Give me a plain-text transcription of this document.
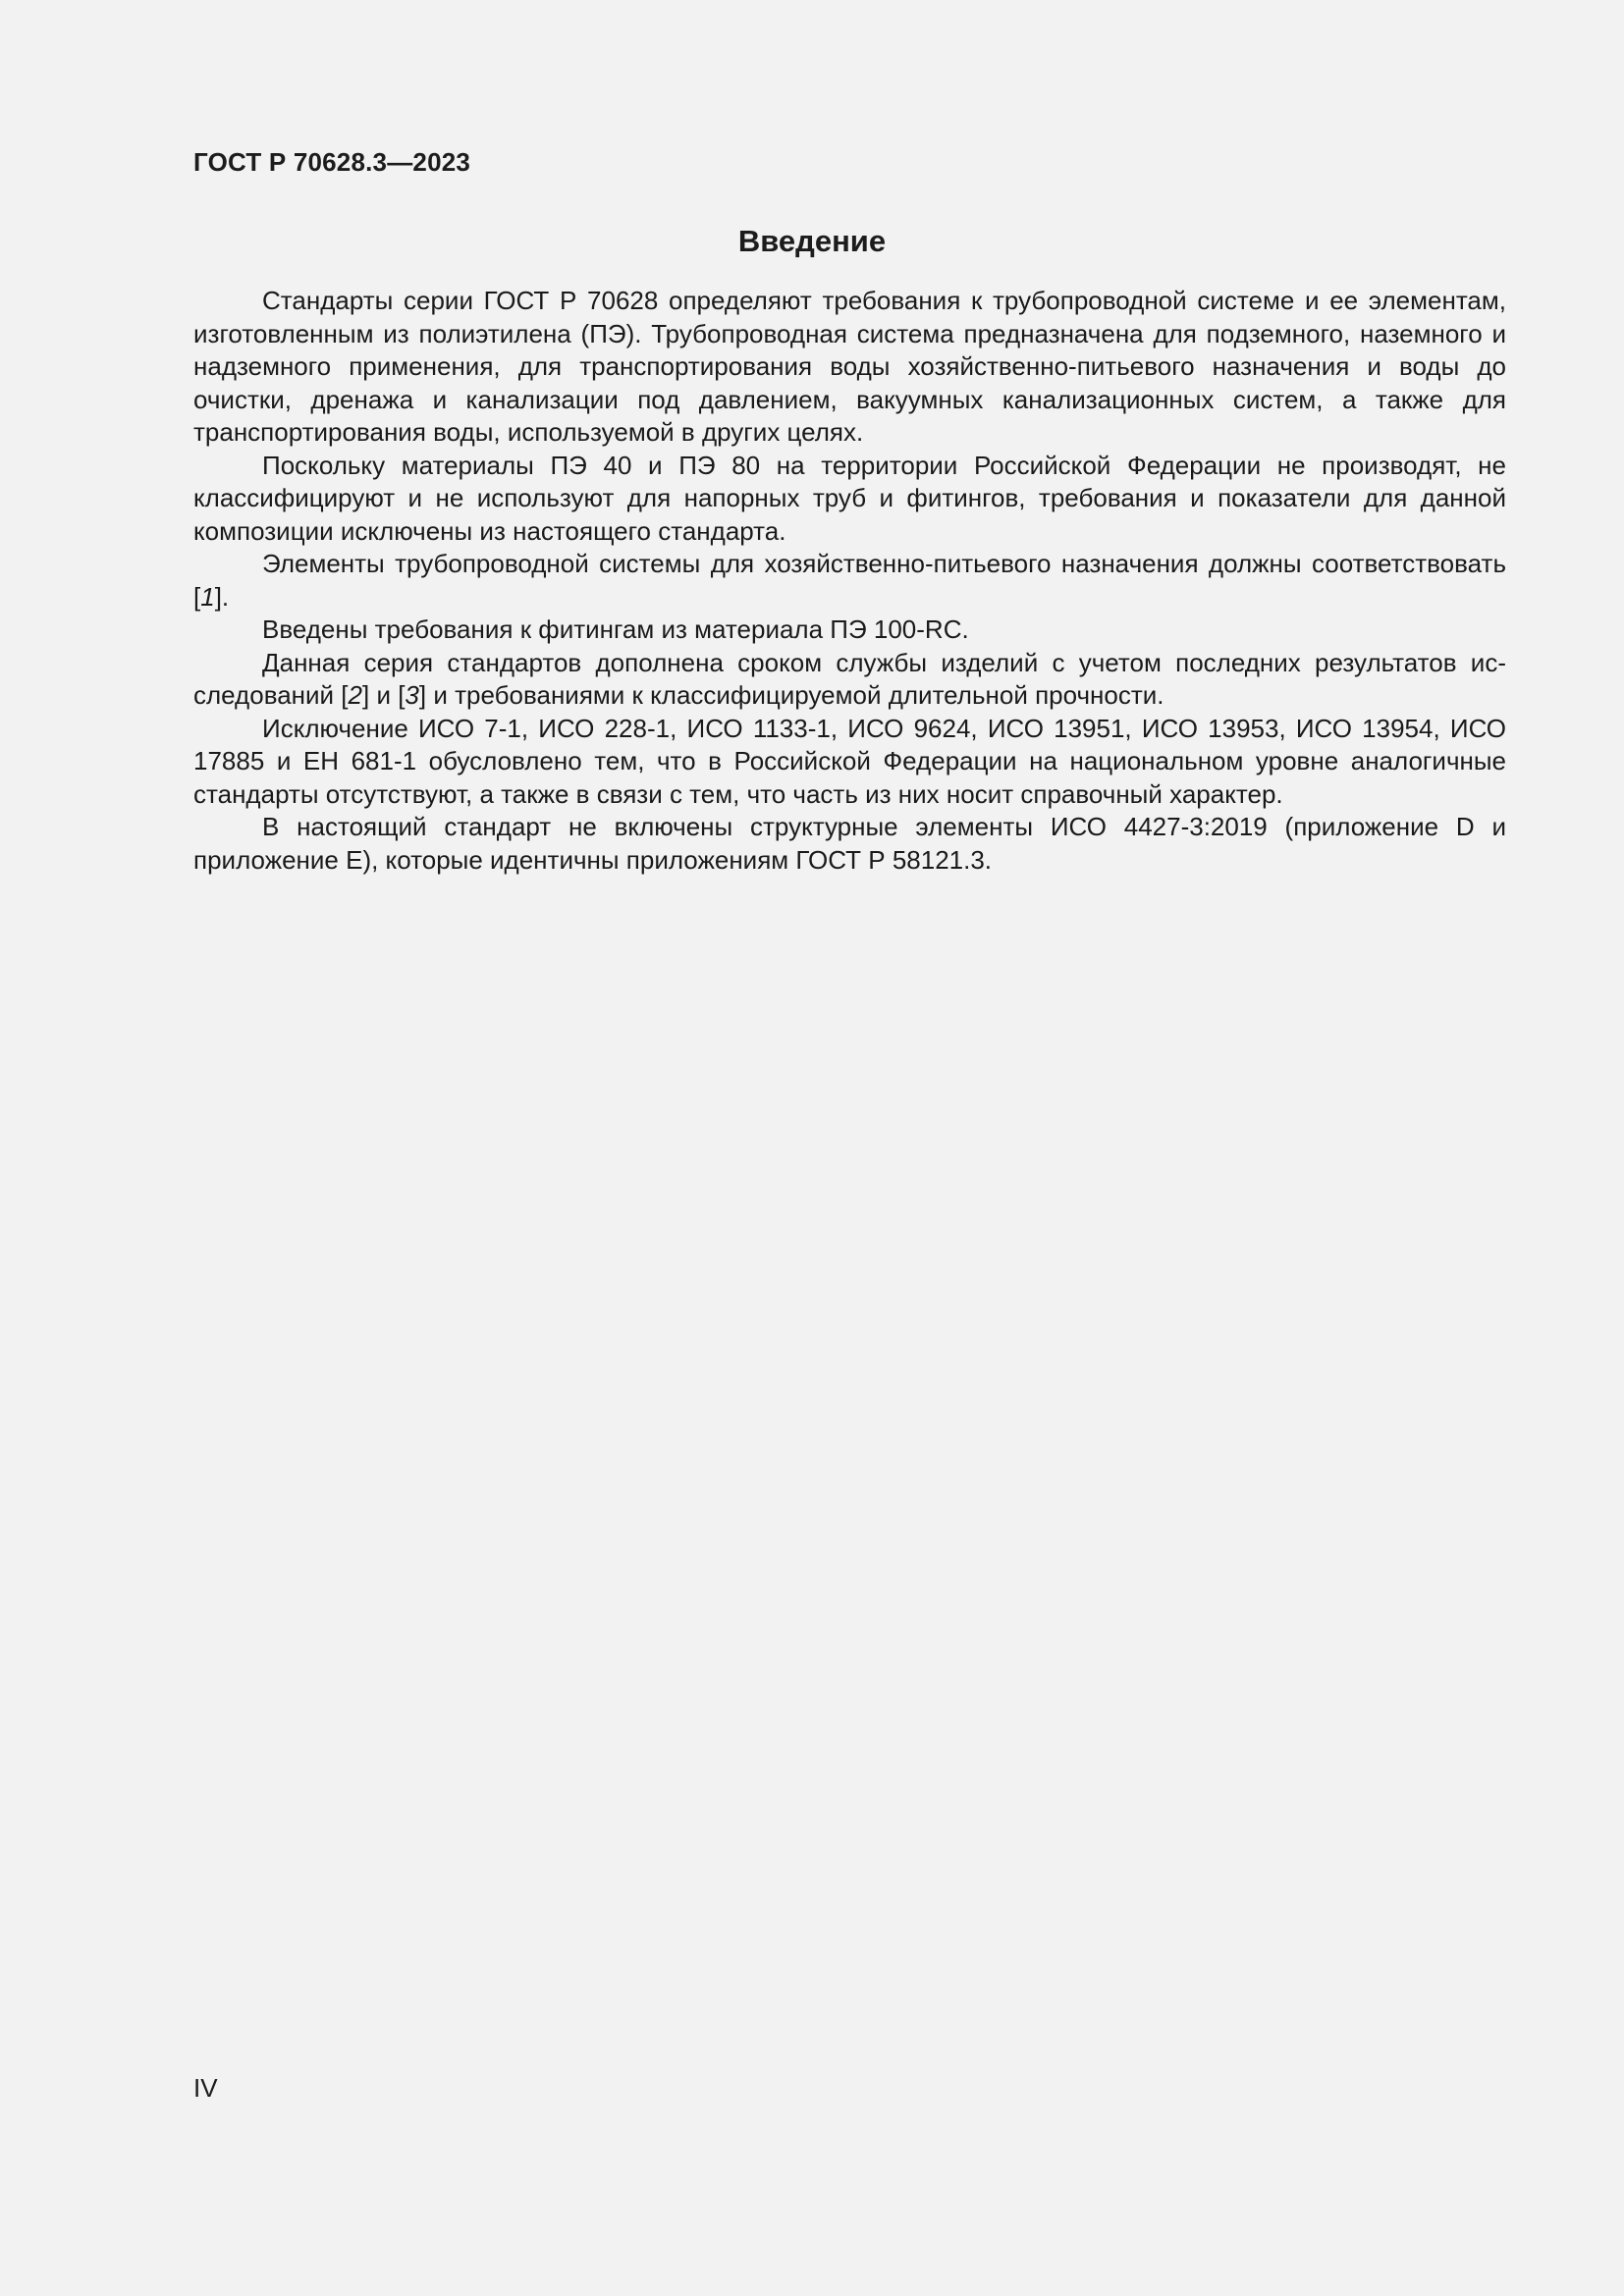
ГОСТ Р 70628.3—2023
Введение

Стандарты серии ГОСТ Р 70628 определяют требования к трубопроводной системе и ее элементам, изготовленным из полиэтилена (ПЭ). Трубопроводная система предназначена для подземного, наземного и надземного применения, для транспортирования воды хозяйственно-питьевого назначения и воды до очистки, дренажа и канализации под давлением, вакуумных канализационных систем, а также для транспортирования воды, используемой в других целях.

Поскольку материалы ПЭ 40 и ПЭ 80 на территории Российской Федерации не производят, не классифицируют и не используют для напорных труб и фитингов, требования и показатели для данной композиции исключены из настоящего стандарта.

Элементы трубопроводной системы для хозяйственно-питьевого назначения должны соответствовать [1].

Введены требования к фитингам из материала ПЭ 100-RC.

Данная серия стандартов дополнена сроком службы изделий с учетом последних результатов исследований [2] и [3] и требованиями к классифицируемой длительной прочности.

Исключение ИСО 7-1, ИСО 228-1, ИСО 1133-1, ИСО 9624, ИСО 13951, ИСО 13953, ИСО 13954, ИСО 17885 и ЕН 681-1 обусловлено тем, что в Российской Федерации на национальном уровне аналогичные стандарты отсутствуют, а также в связи с тем, что часть из них носит справочный характер.

В настоящий стандарт не включены структурные элементы ИСО 4427-3:2019 (приложение D и приложение E), которые идентичны приложениям ГОСТ Р 58121.3.

IV
